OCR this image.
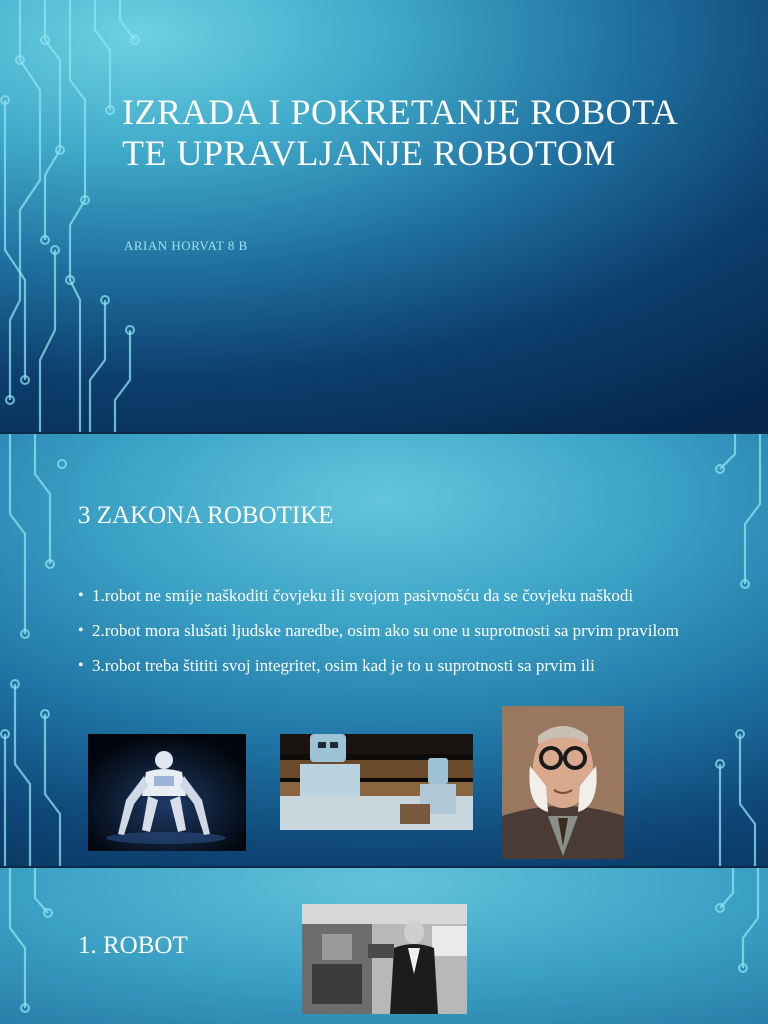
IZRADA I POKRETANJE ROBOTA TE UPRAVLJANJE ROBOTOM

ARIAN HORVAT 8 B

3 ZAKONA ROBOTIKE
• 1.robot ne smije naškoditi čovjeku ili svojom pasivnošću da se čovjeku naškodi
• 2.robot mora slušati ljudske naredbe, osim ako su one u suprotnosti sa prvim pravilom
• 3.robot treba štititi svoj integritet, osim kad je to u suprotnosti sa prvim ili
1. ROBOT
